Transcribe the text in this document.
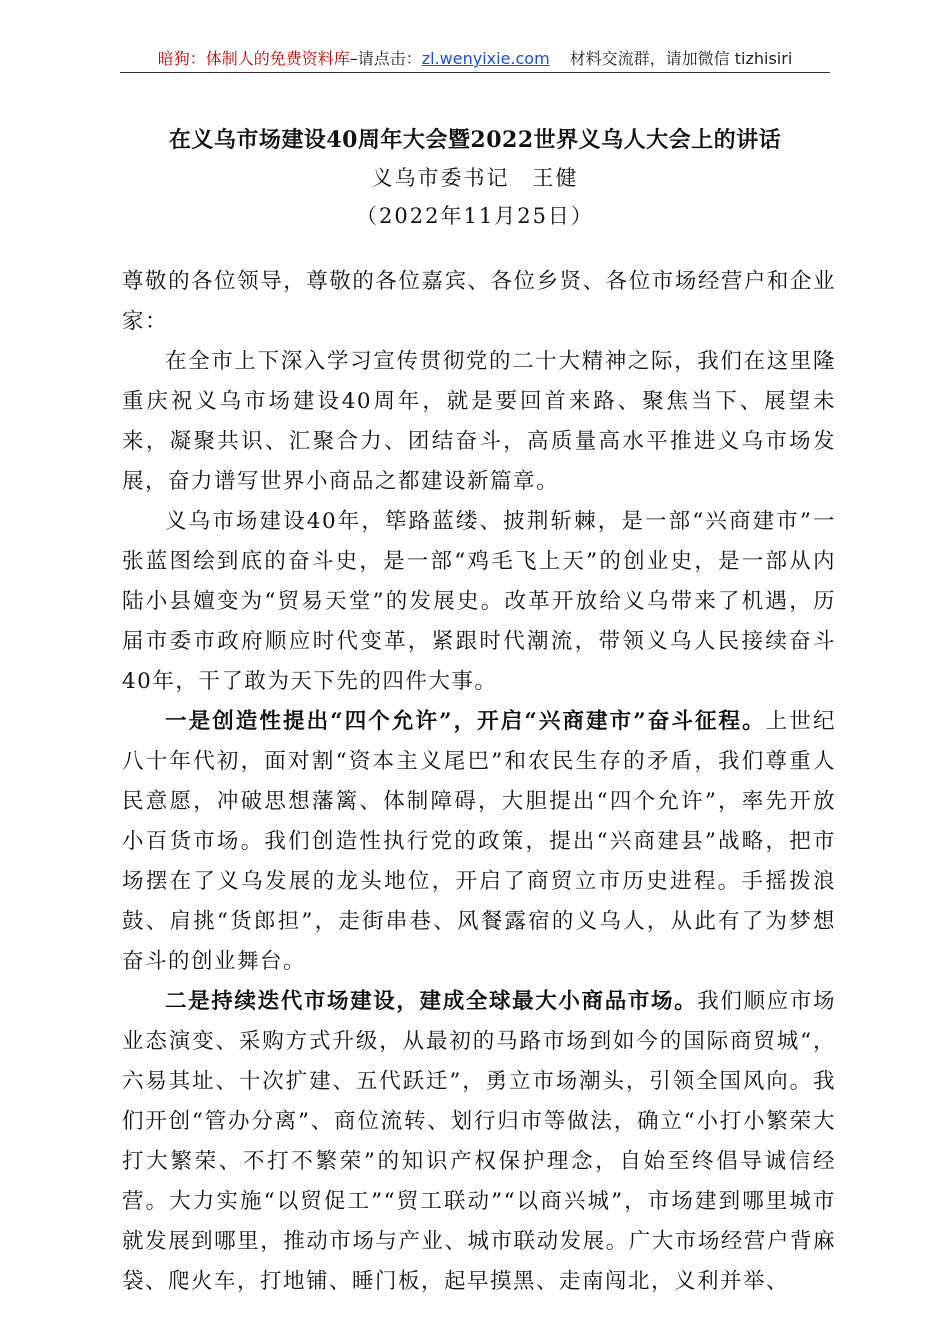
暗狗：体制人的免费资料库–请点击：zl.wenyixie.com 材料交流群，请加微信 tizhisiri
在义乌市场建设40周年大会暨2022世界义乌人大会上的讲话
义乌市委书记　王健
（2022年11月25日）

尊敬的各位领导，尊敬的各位嘉宾、各位乡贤、各位市场经营户和企业家：

在全市上下深入学习宣传贯彻党的二十大精神之际，我们在这里隆重庆祝义乌市场建设40周年，就是要回首来路、聚焦当下、展望未来，凝聚共识、汇聚合力、团结奋斗，高质量高水平推进义乌市场发展，奋力谱写世界小商品之都建设新篇章。

义乌市场建设40年，筚路蓝缕、披荆斩棘，是一部“兴商建市”一张蓝图绘到底的奋斗史，是一部“鸡毛飞上天”的创业史，是一部从内陆小县嬗变为“贸易天堂”的发展史。改革开放给义乌带来了机遇，历届市委市政府顺应时代变革，紧跟时代潮流，带领义乌人民接续奋斗40年，干了敢为天下先的四件大事。

一是创造性提出“四个允许”，开启“兴商建市”奋斗征程。上世纪八十年代初，面对割“资本主义尾巴”和农民生存的矛盾，我们尊重人民意愿，冲破思想藩篱、体制障碍，大胆提出“四个允许”，率先开放小百货市场。我们创造性执行党的政策，提出“兴商建县”战略，把市场摆在了义乌发展的龙头地位，开启了商贸立市历史进程。手摇拨浪鼓、肩挑“货郎担”，走街串巷、风餐露宿的义乌人，从此有了为梦想奋斗的创业舞台。

二是持续迭代市场建设，建成全球最大小商品市场。我们顺应市场业态演变、采购方式升级，从最初的马路市场到如今的国际商贸城“，六易其址、十次扩建、五代跃迁”，勇立市场潮头，引领全国风向。我们开创“管办分离”、商位流转、划行归市等做法，确立“小打小繁荣大打大繁荣、不打不繁荣”的知识产权保护理念，自始至终倡导诚信经营。大力实施“以贸促工”“贸工联动”“以商兴城”，市场建到哪里城市就发展到哪里，推动市场与产业、城市联动发展。广大市场经营户背麻袋、爬火车，打地铺、睡门板，起早摸黑、走南闯北，义利并举、
